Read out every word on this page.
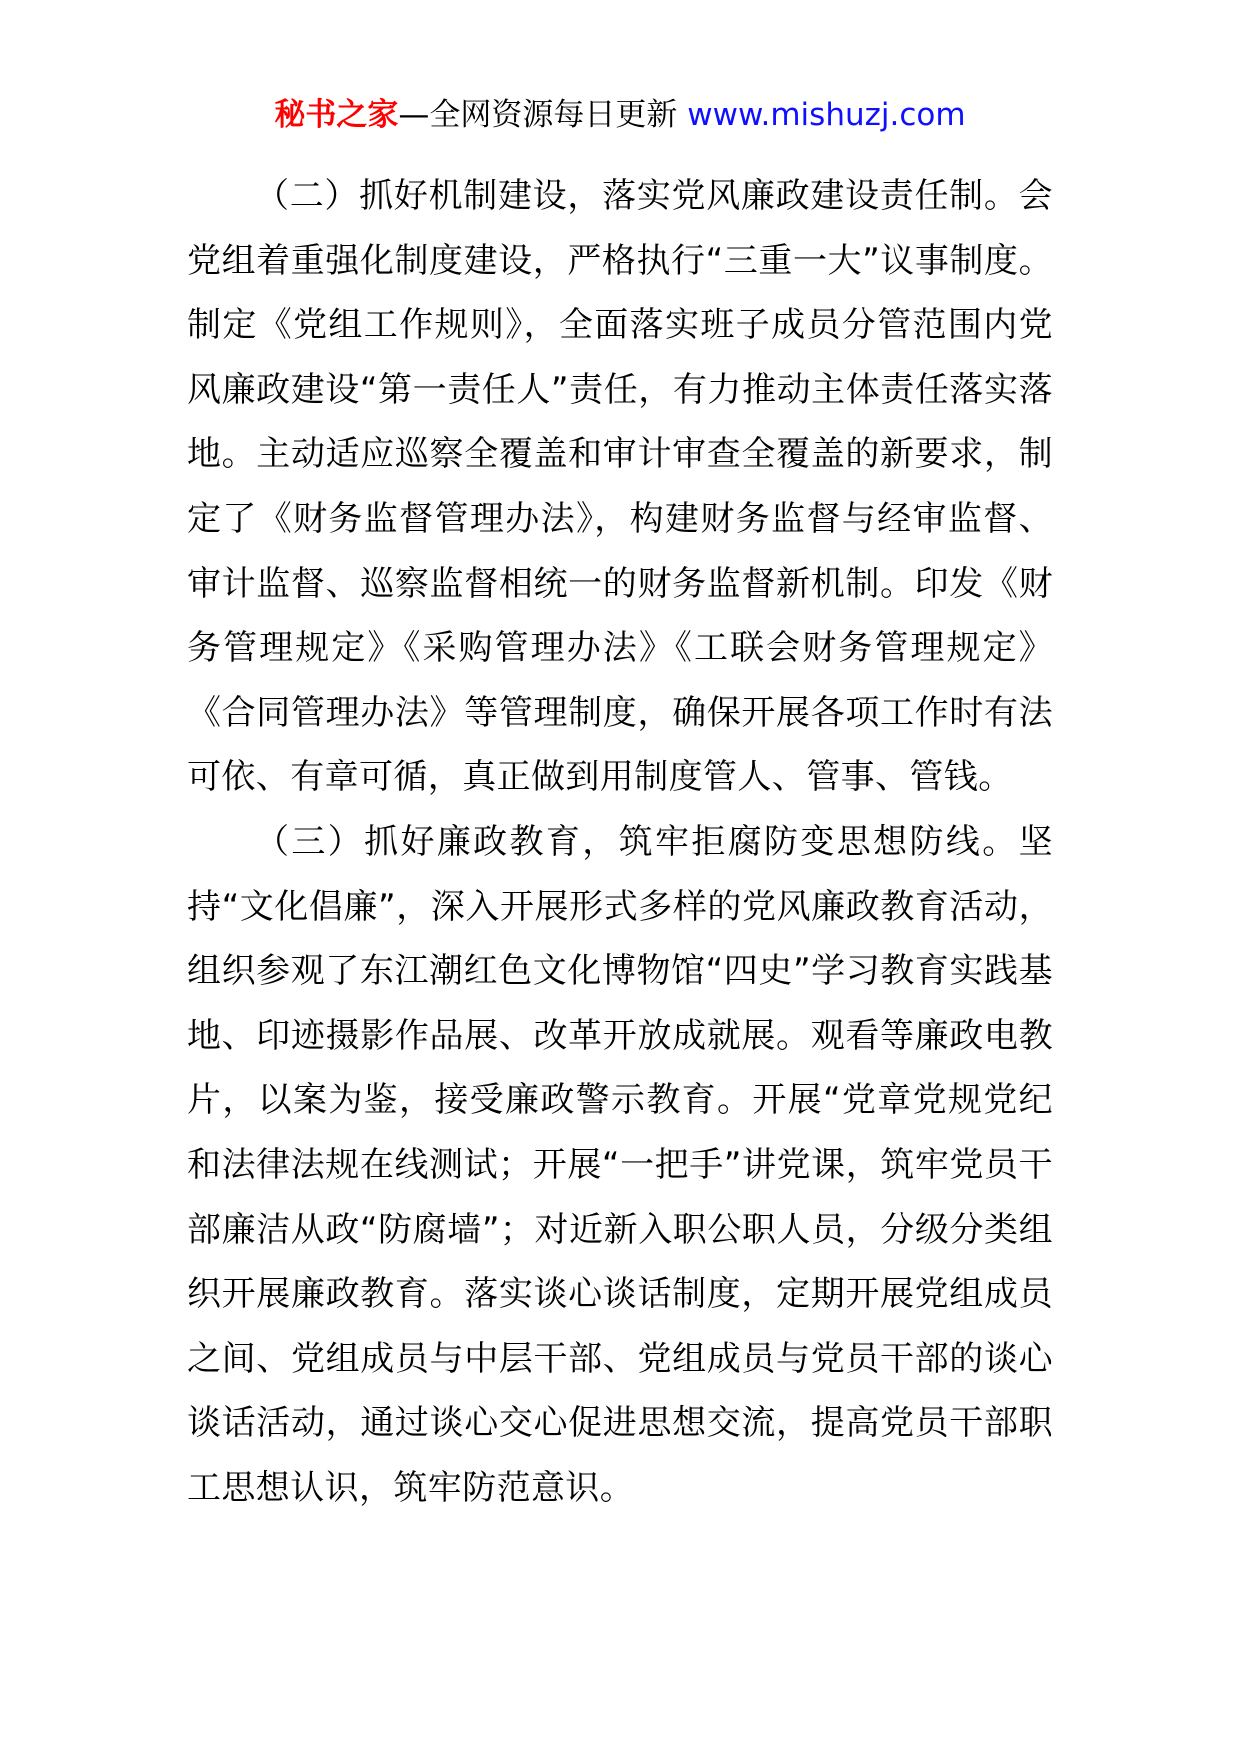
秘书之家—全网资源每日更新 www.mishuzj.com

（二）抓好机制建设，落实党风廉政建设责任制。会党组着重强化制度建设，严格执行“三重一大”议事制度。制定《党组工作规则》，全面落实班子成员分管范围内党风廉政建设“第一责任人”责任，有力推动主体责任落实落地。主动适应巡察全覆盖和审计审查全覆盖的新要求，制定了《财务监督管理办法》，构建财务监督与经审监督、审计监督、巡察监督相统一的财务监督新机制。印发《财务管理规定》《采购管理办法》《工联会财务管理规定》《合同管理办法》等管理制度，确保开展各项工作时有法可依、有章可循，真正做到用制度管人、管事、管钱。

（三）抓好廉政教育，筑牢拒腐防变思想防线。坚持“文化倡廉”，深入开展形式多样的党风廉政教育活动，组织参观了东江潮红色文化博物馆“四史”学习教育实践基地、印迹摄影作品展、改革开放成就展。观看等廉政电教片，以案为鉴，接受廉政警示教育。开展“党章党规党纪和法律法规在线测试；开展“一把手”讲党课，筑牢党员干部廉洁从政“防腐墙”；对近新入职公职人员，分级分类组织开展廉政教育。落实谈心谈话制度，定期开展党组成员之间、党组成员与中层干部、党组成员与党员干部的谈心谈话活动，通过谈心交心促进思想交流，提高党员干部职工思想认识，筑牢防范意识。
